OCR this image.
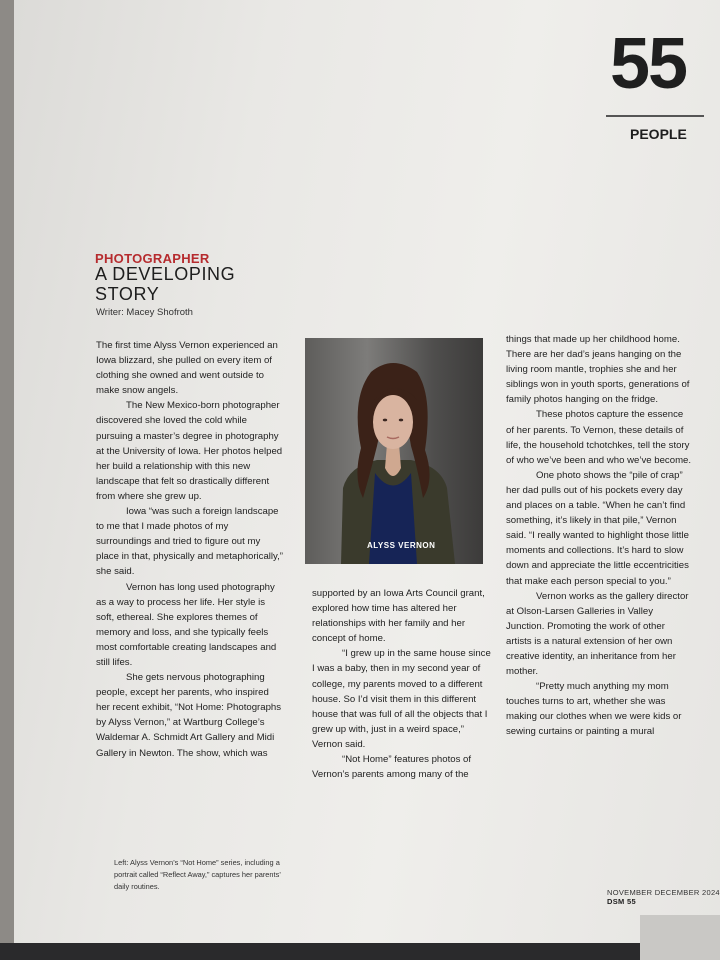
55
PEOPLE
PHOTOGRAPHER
A DEVELOPING
STORY
Writer: Macey Shofroth

The first time Alyss Vernon experienced an Iowa blizzard, she pulled on every item of clothing she owned and went outside to make snow angels.

The New Mexico-born photographer discovered she loved the cold while pursuing a master’s degree in photography at the University of Iowa. Her photos helped her build a relationship with this new landscape that felt so drastically different from where she grew up.

Iowa “was such a foreign landscape to me that I made photos of my surroundings and tried to figure out my place in that, physically and metaphorically,” she said.

Vernon has long used photography as a way to process her life. Her style is soft, ethereal. She explores themes of memory and loss, and she typically feels most comfortable creating landscapes and still lifes.

She gets nervous photographing people, except her parents, who inspired her recent exhibit, “Not Home: Photographs by Alyss Vernon,” at Wartburg College’s Waldemar A. Schmidt Art Gallery and Midi Gallery in Newton. The show, which was

ALYSS VERNON

supported by an Iowa Arts Council grant, explored how time has altered her relationships with her family and her concept of home.

“I grew up in the same house since I was a baby, then in my second year of college, my parents moved to a different house. So I’d visit them in this different house that was full of all the objects that I grew up with, just in a weird space,” Vernon said.

“Not Home” features photos of Vernon’s parents among many of the

things that made up her childhood home. There are her dad’s jeans hanging on the living room mantle, trophies she and her siblings won in youth sports, generations of family photos hanging on the fridge.

These photos capture the essence of her parents. To Vernon, these details of life, the household tchotchkes, tell the story of who we’ve been and who we’ve become.

One photo shows the “pile of crap” her dad pulls out of his pockets every day and places on a table. “When he can’t find something, it’s likely in that pile,” Vernon said. “I really wanted to highlight those little moments and collections. It’s hard to slow down and appreciate the little eccentricities that make each person special to you.”

Vernon works as the gallery director at Olson-Larsen Galleries in Valley Junction. Promoting the work of other artists is a natural extension of her own creative identity, an inheritance from her mother.

“Pretty much anything my mom touches turns to art, whether she was making our clothes when we were kids or sewing curtains or painting a mural

Left: Alyss Vernon’s “Not Home” series, including a portrait called “Reflect Away,” captures her parents’ daily routines.
NOVEMBER DECEMBER 2024 DSM 55
